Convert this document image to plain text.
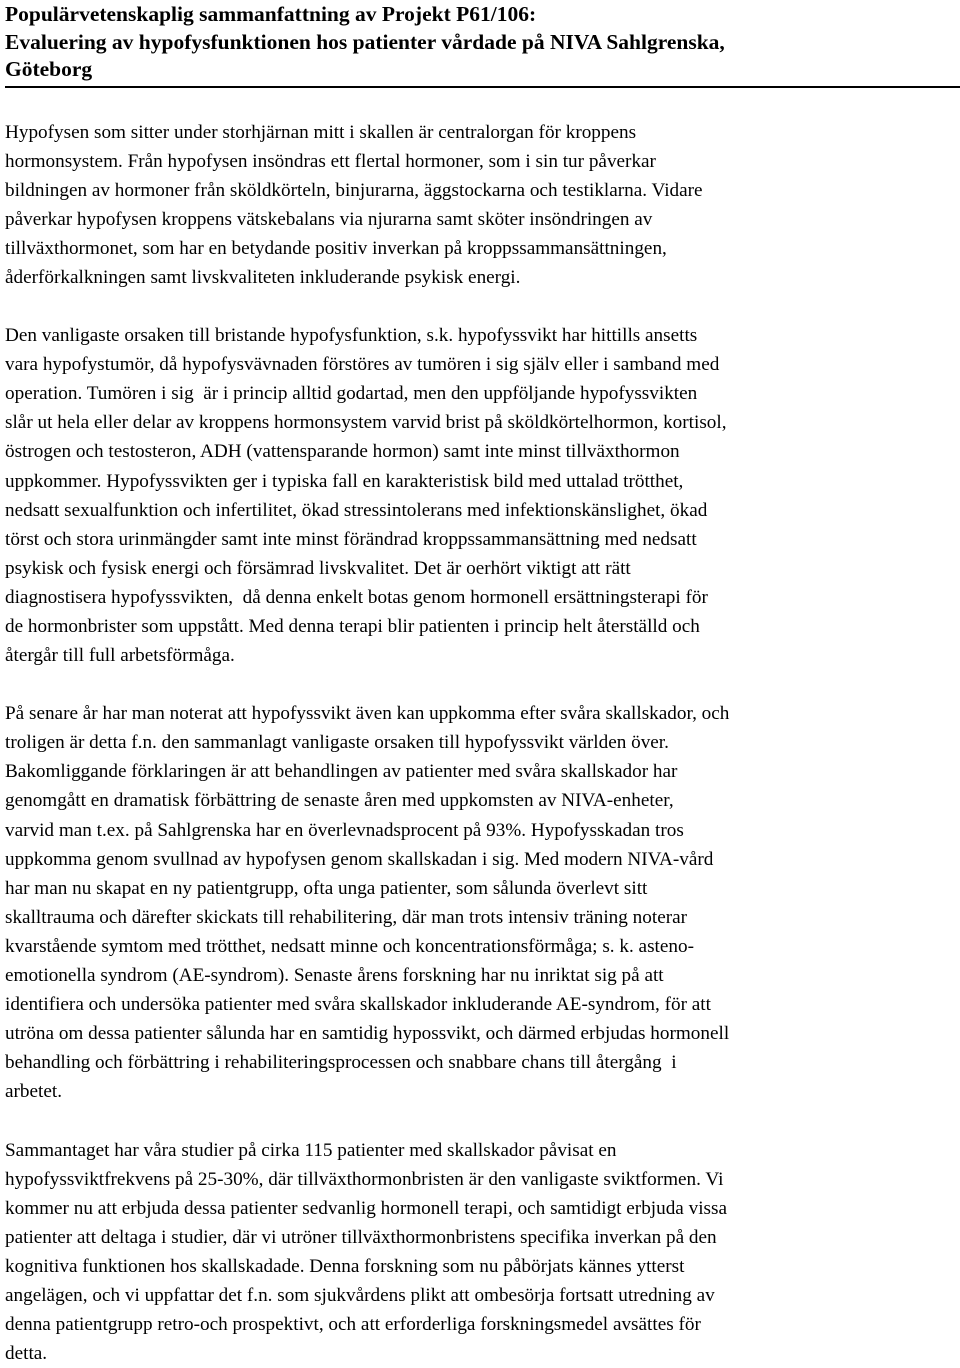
Populärvetenskaplig sammanfattning av Projekt P61/106:
Evaluering av hypofysfunktionen hos patienter vårdade på NIVA Sahlgrenska,
Göteborg
Hypofysen som sitter under storhjärnan mitt i skallen är centralorgan för kroppens
hormonsystem. Från hypofysen insöndras ett flertal hormoner, som i sin tur påverkar
bildningen av hormoner från sköldkörteln, binjurarna, äggstockarna och testiklarna. Vidare
påverkar hypofysen kroppens vätskebalans via njurarna samt sköter insöndringen av
tillväxthormonet, som har en betydande positiv inverkan på kroppssammansättningen,
åderförkalkningen samt livskvaliteten inkluderande psykisk energi.
Den vanligaste orsaken till bristande hypofysfunktion, s.k. hypofyssvikt har hittills ansetts
vara hypofystumör, då hypofysvävnaden förstöres av tumören i sig själv eller i samband med
operation. Tumören i sig  är i princip alltid godartad, men den uppföljande hypofyssvikten
slår ut hela eller delar av kroppens hormonsystem varvid brist på sköldkörtelhormon, kortisol,
östrogen och testosteron, ADH (vattensparande hormon) samt inte minst tillväxthormon
uppkommer. Hypofyssvikten ger i typiska fall en karakteristisk bild med uttalad trötthet,
nedsatt sexualfunktion och infertilitet, ökad stressintolerans med infektionskänslighet, ökad
törst och stora urinmängder samt inte minst förändrad kroppssammansättning med nedsatt
psykisk och fysisk energi och försämrad livskvalitet. Det är oerhört viktigt att rätt
diagnostisera hypofyssvikten,  då denna enkelt botas genom hormonell ersättningsterapi för
de hormonbrister som uppstått. Med denna terapi blir patienten i princip helt återställd och
återgår till full arbetsförmåga.
På senare år har man noterat att hypofyssvikt även kan uppkomma efter svåra skallskador, och
troligen är detta f.n. den sammanlagt vanligaste orsaken till hypofyssvikt världen över.
Bakomliggande förklaringen är att behandlingen av patienter med svåra skallskador har
genomgått en dramatisk förbättring de senaste åren med uppkomsten av NIVA-enheter,
varvid man t.ex. på Sahlgrenska har en överlevnadsprocent på 93%. Hypofysskadan tros
uppkomma genom svullnad av hypofysen genom skallskadan i sig. Med modern NIVA-vård
har man nu skapat en ny patientgrupp, ofta unga patienter, som sålunda överlevt sitt
skalltrauma och därefter skickats till rehabilitering, där man trots intensiv träning noterar
kvarstående symtom med trötthet, nedsatt minne och koncentrationsförmåga; s. k. asteno-
emotionella syndrom (AE-syndrom). Senaste årens forskning har nu inriktat sig på att
identifiera och undersöka patienter med svåra skallskador inkluderande AE-syndrom, för att
utröna om dessa patienter sålunda har en samtidig hypossvikt, och därmed erbjudas hormonell
behandling och förbättring i rehabiliteringsprocessen och snabbare chans till återgång  i
arbetet.
Sammantaget har våra studier på cirka 115 patienter med skallskador påvisat en
hypofyssviktfrekvens på 25-30%, där tillväxthormonbristen är den vanligaste sviktformen. Vi
kommer nu att erbjuda dessa patienter sedvanlig hormonell terapi, och samtidigt erbjuda vissa
patienter att deltaga i studier, där vi utröner tillväxthormonbristens specifika inverkan på den
kognitiva funktionen hos skallskadade. Denna forskning som nu påbörjats kännes ytterst
angelägen, och vi uppfattar det f.n. som sjukvårdens plikt att ombesörja fortsatt utredning av
denna patientgrupp retro-och prospektivt, och att erforderliga forskningsmedel avsättes för
detta.
